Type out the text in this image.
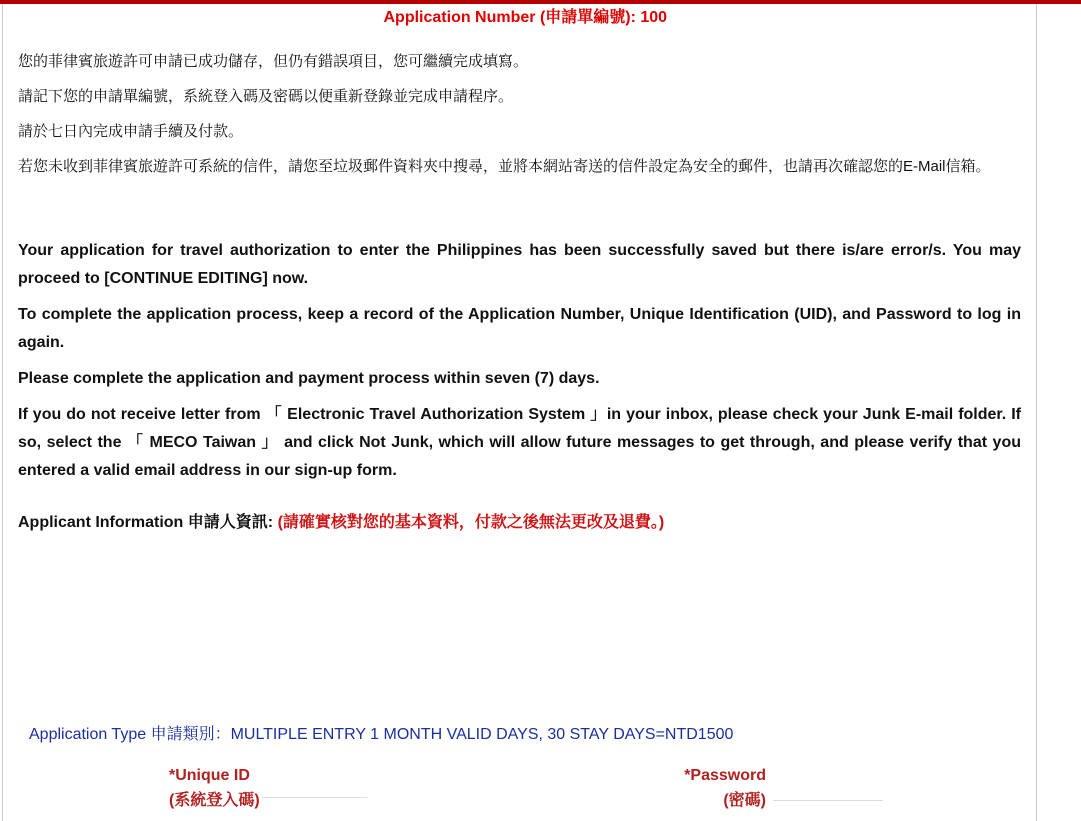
Application Number (申請單編號): 100

您的菲律賓旅遊許可申請已成功儲存，但仍有錯誤項目，您可繼續完成填寫。

請記下您的申請單編號，系統登入碼及密碼以便重新登錄並完成申請程序。

請於七日內完成申請手續及付款。

若您未收到菲律賓旅遊許可系統的信件，請您至垃圾郵件資料夾中搜尋，並將本網站寄送的信件設定為安全的郵件，也請再次確認您的E-Mail信箱。

Your application for travel authorization to enter the Philippines has been successfully saved but there is/are error/s. You may proceed to [CONTINUE EDITING] now.

To complete the application process, keep a record of the Application Number, Unique Identification (UID), and Password to log in again.

Please complete the application and payment process within seven (7) days.

If you do not receive letter from 「 Electronic Travel Authorization System 」in your inbox, please check your Junk E-mail folder. If so, select the 「 MECO Taiwan 」 and click Not Junk, which will allow future messages to get through, and please verify that you entered a valid email address in our sign-up form.

Applicant Information 申請人資訊: (請確實核對您的基本資料，付款之後無法更改及退費。)
Application Type 申請類別：MULTIPLE ENTRY 1 MONTH VALID DAYS, 30 STAY DAYS=NTD1500
*Unique ID
(系統登入碼)
*Password
(密碼)
